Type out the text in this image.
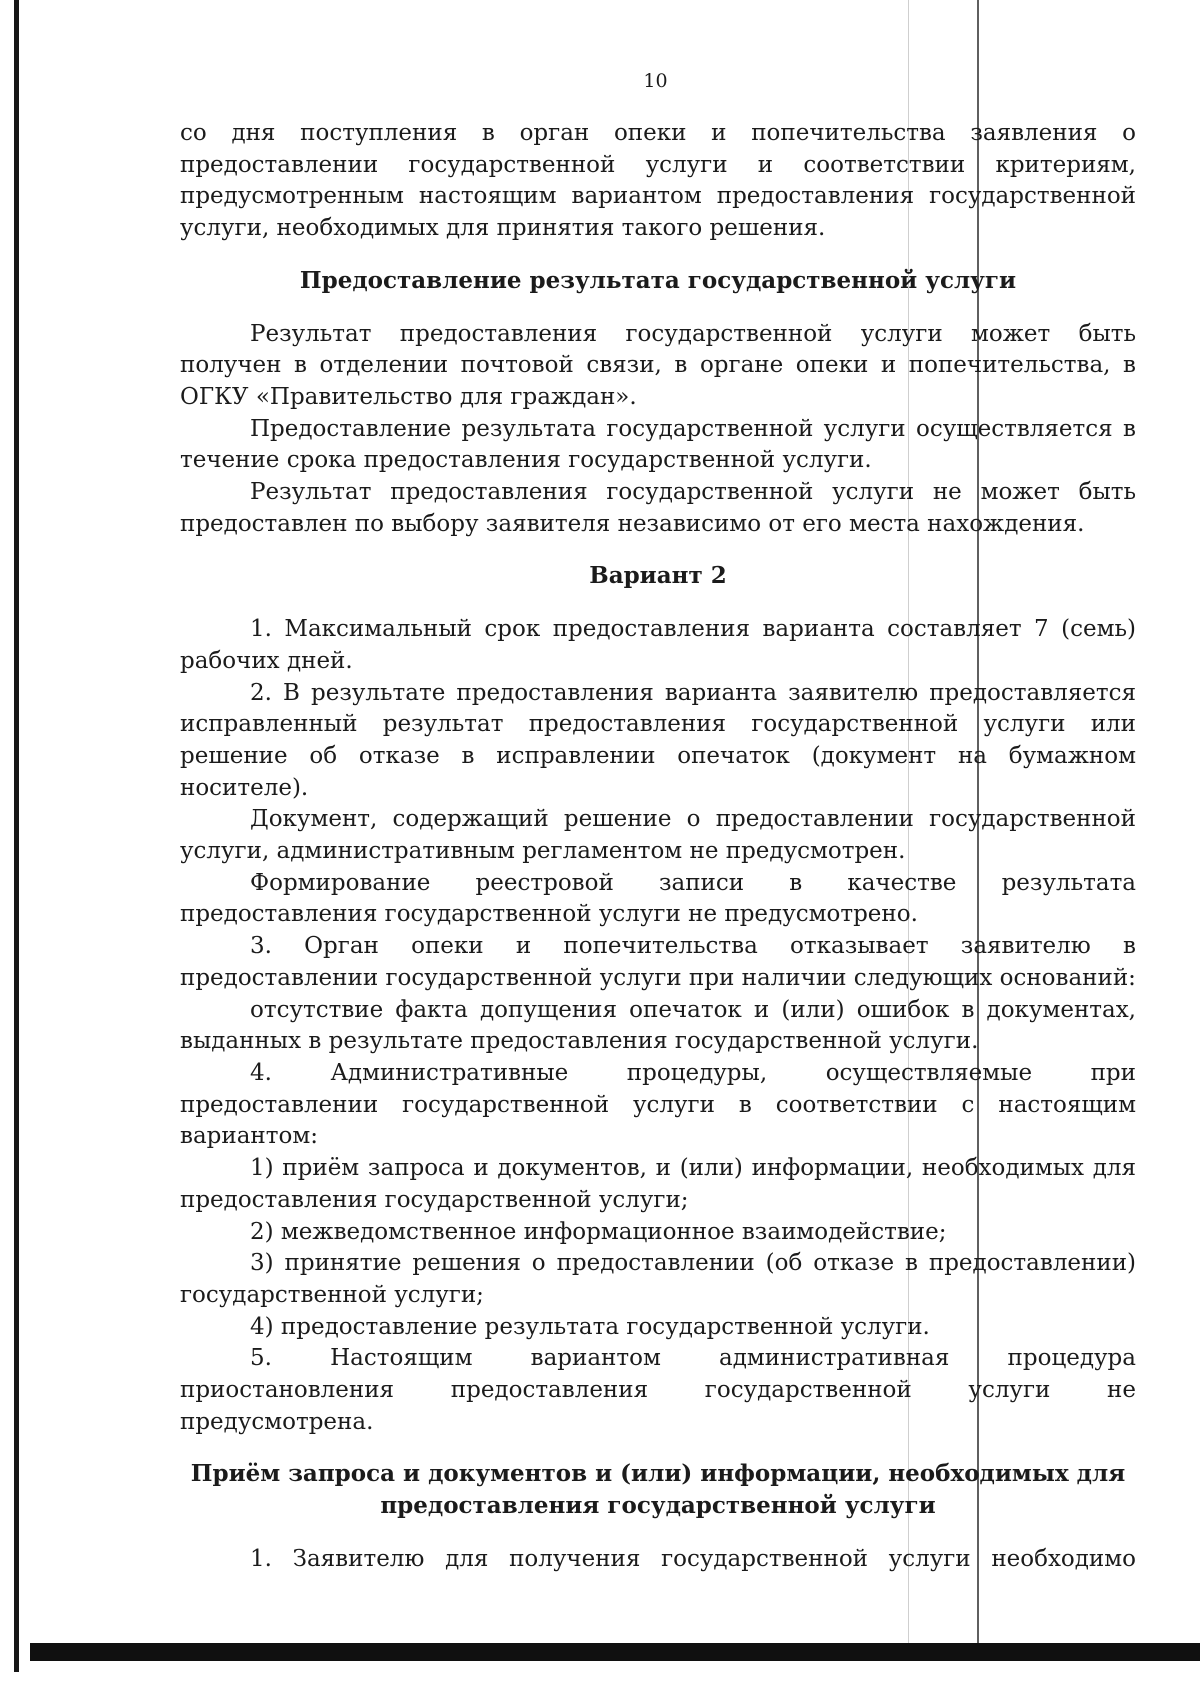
10

со дня поступления в орган опеки и попечительства заявления о предоставлении государственной услуги и соответствии критериям, предусмотренным настоящим вариантом предоставления государственной услуги, необходимых для принятия такого решения.

Предоставление результата государственной услуги

Результат предоставления государственной услуги может быть получен в отделении почтовой связи, в органе опеки и попечительства, в ОГКУ «Правительство для граждан».

Предоставление результата государственной услуги осуществляется в течение срока предоставления государственной услуги.

Результат предоставления государственной услуги не может быть предоставлен по выбору заявителя независимо от его места нахождения.

Вариант 2

1. Максимальный срок предоставления варианта составляет 7 (семь) рабочих дней.

2. В результате предоставления варианта заявителю предоставляется исправленный результат предоставления государственной услуги или решение об отказе в исправлении опечаток (документ на бумажном носителе).

Документ, содержащий решение о предоставлении государственной услуги, административным регламентом не предусмотрен.

Формирование реестровой записи в качестве результата предоставления государственной услуги не предусмотрено.

3. Орган опеки и попечительства отказывает заявителю в предоставлении государственной услуги при наличии следующих оснований:

отсутствие факта допущения опечаток и (или) ошибок в документах, выданных в результате предоставления государственной услуги.

4. Административные процедуры, осуществляемые при предоставлении государственной услуги в соответствии с настоящим вариантом:

1) приём запроса и документов, и (или) информации, необходимых для предоставления государственной услуги;

2) межведомственное информационное взаимодействие;

3) принятие решения о предоставлении (об отказе в предоставлении) государственной услуги;

4) предоставление результата государственной услуги.

5. Настоящим вариантом административная процедура приостановления предоставления государственной услуги не предусмотрена.

Приём запроса и документов и (или) информации, необходимых для предоставления государственной услуги

1. Заявителю для получения государственной услуги необходимо
